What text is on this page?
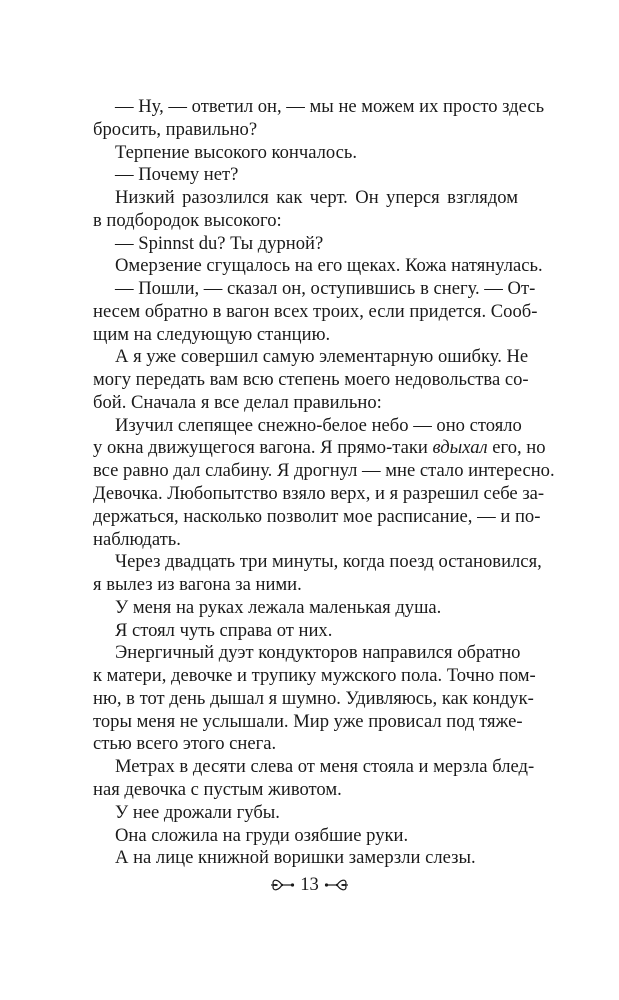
— Ну, — ответил он, — мы не можем их просто здесь
бросить, правильно?
Терпение высокого кончалось.
— Почему нет?
Низкий разозлился как черт. Он уперся взглядом
в подбородок высокого:
— Spinnst du? Ты дурной?
Омерзение сгущалось на его щеках. Кожа натянулась.
— Пошли, — сказал он, оступившись в снегу. — От-
несем обратно в вагон всех троих, если придется. Сооб-
щим на следующую станцию.
А я уже совершил самую элементарную ошибку. Не
могу передать вам всю степень моего недовольства со-
бой. Сначала я все делал правильно:
Изучил слепящее снежно-белое небо — оно стояло
у окна движущегося вагона. Я прямо-таки вдыхал его, но
все равно дал слабину. Я дрогнул — мне стало интересно.
Девочка. Любопытство взяло верх, и я разрешил себе за-
держаться, насколько позволит мое расписание, — и по-
наблюдать.
Через двадцать три минуты, когда поезд остановился,
я вылез из вагона за ними.
У меня на руках лежала маленькая душа.
Я стоял чуть справа от них.
Энергичный дуэт кондукторов направился обратно
к матери, девочке и трупику мужского пола. Точно пом-
ню, в тот день дышал я шумно. Удивляюсь, как кондук-
торы меня не услышали. Мир уже провисал под тяже-
стью всего этого снега.
Метрах в десяти слева от меня стояла и мерзла блед-
ная девочка с пустым животом.
У нее дрожали губы.
Она сложила на груди озябшие руки.
А на лице книжной воришки замерзли слезы.
13
